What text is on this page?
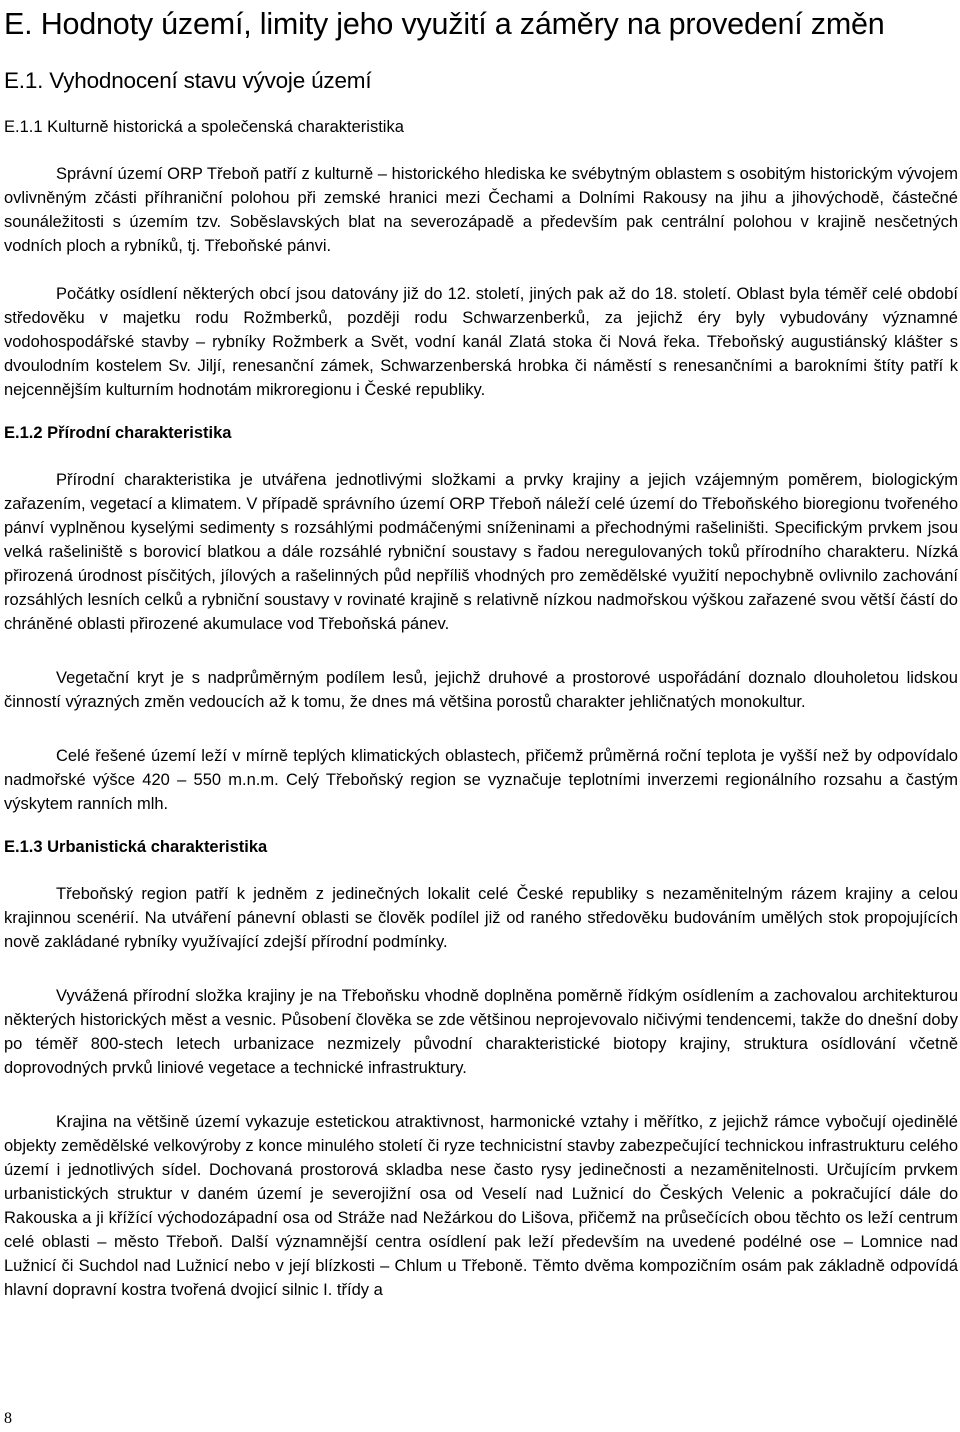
E. Hodnoty území, limity jeho využití a záměry na provedení změn
E.1. Vyhodnocení stavu vývoje území
E.1.1 Kulturně historická a společenská charakteristika

Správní území ORP Třeboň patří z kulturně – historického hlediska ke svébytným oblastem s osobitým historickým vývojem ovlivněným zčásti příhraniční polohou při zemské hranici mezi Čechami a Dolními Rakousy na jihu a jihovýchodě, částečné sounáležitosti s územím tzv. Soběslavských blat na severozápadě a především pak centrální polohou v krajině nesčetných vodních ploch a rybníků, tj. Třeboňské pánvi.

Počátky osídlení některých obcí jsou datovány již do 12. století, jiných pak až do 18. století. Oblast byla téměř celé období středověku v majetku rodu Rožmberků, později rodu Schwarzenberků, za jejichž éry byly vybudovány významné vodohospodářské stavby – rybníky Rožmberk a Svět, vodní kanál Zlatá stoka či Nová řeka. Třeboňský augustiánský klášter s dvoulodním kostelem Sv. Jiljí, renesanční zámek, Schwarzenberská hrobka či náměstí s renesančními a barokními štíty patří k nejcennějším kulturním hodnotám mikroregionu i České republiky.

E.1.2 Přírodní charakteristika

Přírodní charakteristika je utvářena jednotlivými složkami a prvky krajiny a jejich vzájemným poměrem, biologickým zařazením, vegetací a klimatem. V případě správního území ORP Třeboň náleží celé území do Třeboňského bioregionu tvořeného pánví vyplněnou kyselými sedimenty s rozsáhlými podmáčenými sníženinami a přechodnými rašeliništi. Specifickým prvkem jsou velká rašeliniště s borovicí blatkou a dále rozsáhlé rybniční soustavy s řadou neregulovaných toků přírodního charakteru. Nízká přirozená úrodnost písčitých, jílových a rašelinných půd nepříliš vhodných pro zemědělské využití nepochybně ovlivnilo zachování rozsáhlých lesních celků a rybniční soustavy v rovinaté krajině s relativně nízkou nadmořskou výškou zařazené svou větší částí do chráněné oblasti přirozené akumulace vod Třeboňská pánev.

Vegetační kryt je s nadprůměrným podílem lesů, jejichž druhové a prostorové uspořádání doznalo dlouholetou lidskou činností výrazných změn vedoucích až k tomu, že dnes má většina porostů charakter jehličnatých monokultur.

Celé řešené území leží v mírně teplých klimatických oblastech, přičemž průměrná roční teplota je vyšší než by odpovídalo nadmořské výšce 420 – 550 m.n.m. Celý Třeboňský region se vyznačuje teplotními inverzemi regionálního rozsahu a častým výskytem ranních mlh.

E.1.3 Urbanistická charakteristika

Třeboňský region patří k jedněm z jedinečných lokalit celé České republiky s nezaměnitelným rázem krajiny a celou krajinnou scenérií. Na utváření pánevní oblasti se člověk podílel již od raného středověku budováním umělých stok propojujících nově zakládané rybníky využívající zdejší přírodní podmínky.

Vyvážená přírodní složka krajiny je na Třeboňsku vhodně doplněna poměrně řídkým osídlením a zachovalou architekturou některých historických měst a vesnic. Působení člověka se zde většinou neprojevovalo ničivými tendencemi, takže do dnešní doby po téměř 800-stech letech urbanizace nezmizely původní charakteristické biotopy krajiny, struktura osídlování včetně doprovodných prvků liniové vegetace a technické infrastruktury.

Krajina na většině území vykazuje estetickou atraktivnost, harmonické vztahy i měřítko, z jejichž rámce vybočují ojedinělé objekty zemědělské velkovýroby z konce minulého století či ryze technicistní stavby zabezpečující technickou infrastrukturu celého území i jednotlivých sídel. Dochovaná prostorová skladba nese často rysy jedinečnosti a nezaměnitelnosti. Určujícím prvkem urbanistických struktur v daném území je severojižní osa od Veselí nad Lužnicí do Českých Velenic a pokračující dále do Rakouska a ji křížící východozápadní osa od Stráže nad Nežárkou do Lišova, přičemž na průsečících obou těchto os leží centrum celé oblasti – město Třeboň. Další významnější centra osídlení pak leží především na uvedené podélné ose – Lomnice nad Lužnicí či Suchdol nad Lužnicí nebo v její blízkosti – Chlum u Třeboně. Těmto dvěma kompozičním osám pak základně odpovídá hlavní dopravní kostra tvořená dvojicí silnic I. třídy a

8
